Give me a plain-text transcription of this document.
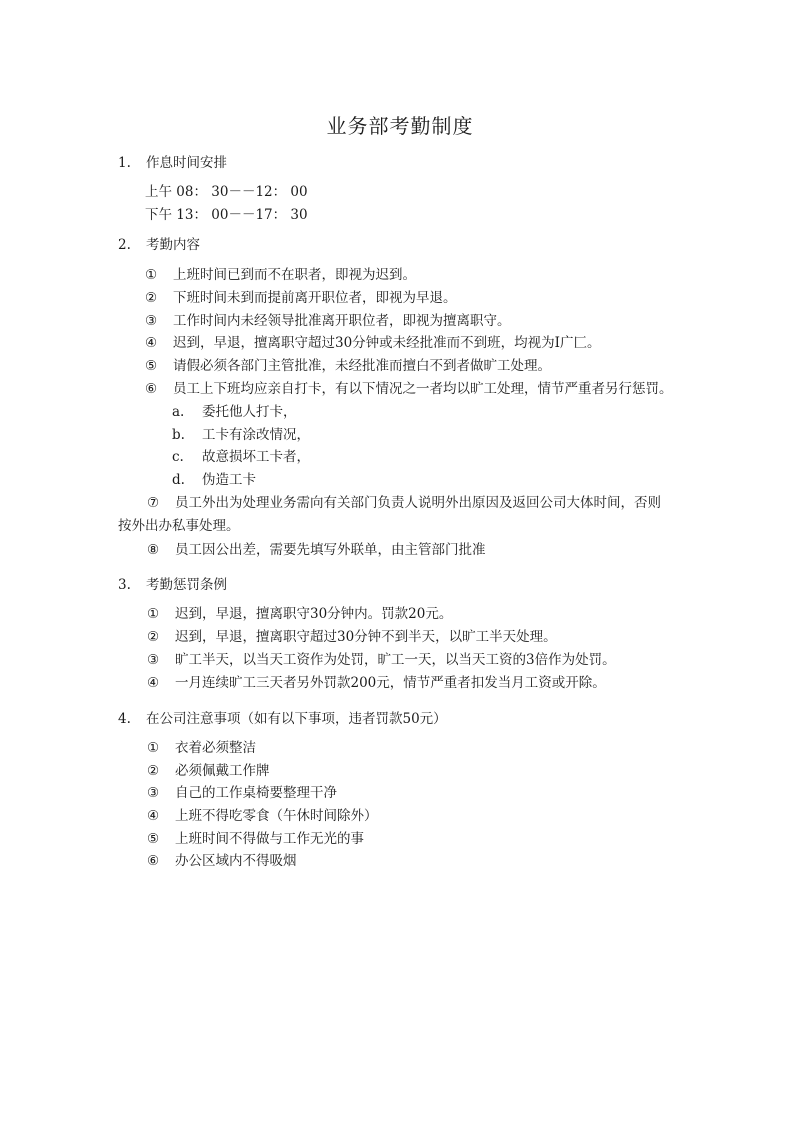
业务部考勤制度
1. 作息时间安排
上午 08： 30－－12： 00
下午 13： 00－－17： 30
2. 考勤内容
① 上班时间已到而不在职者，即视为迟到。
② 下班时间未到而提前离开职位者，即视为早退。
③ 工作时间内未经领导批准离开职位者，即视为擅离职守。
④ 迟到，早退，擅离职守超过30分钟或未经批准而不到班，均视为I广匚。
⑤ 请假必须各部门主管批准，未经批准而擅白不到者做旷工处理。
⑥ 员工上下班均应亲自打卡，有以下情况之一者均以旷工处理，情节严重者另行惩罚。
a. 委托他人打卡，
b. 工卡有涂改情况，
c. 故意损坏工卡者，
d. 伪造工卡
⑦ 员工外出为处理业务需向有关部门负责人说明外出原因及返回公司大体时间，否则
按外出办私事处理。
⑧ 员工因公出差，需要先填写外联单，由主管部门批准
3. 考勤惩罚条例
① 迟到，早退，擅离职守30分钟内。罚款20元。
② 迟到，早退，擅离职守超过30分钟不到半天，以旷工半天处理。
③ 旷工半天，以当天工资作为处罚，旷工一天，以当天工资的3倍作为处罚。
④ 一月连续旷工三天者另外罚款200元，情节严重者扣发当月工资或开除。
4. 在公司注意事项（如有以下事项，违者罚款50元）
① 衣着必须整洁
② 必须佩戴工作牌
③ 自己的工作桌椅要整理干净
④ 上班不得吃零食（午休时间除外）
⑤ 上班时间不得做与工作无光的事
⑥ 办公区域内不得吸烟
